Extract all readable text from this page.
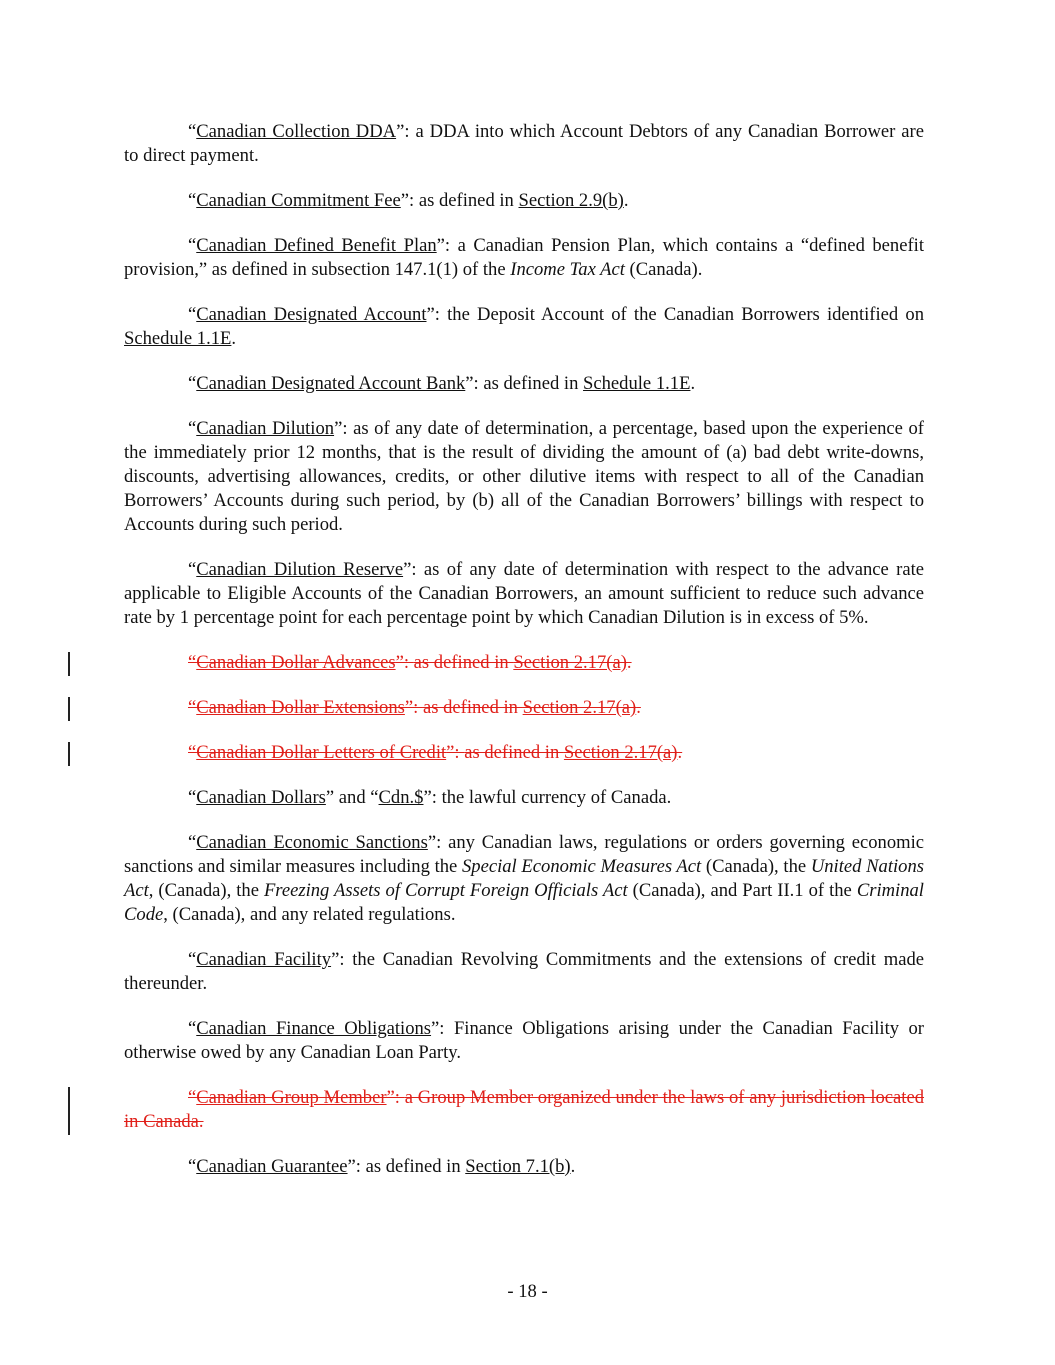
“Canadian Collection DDA”: a DDA into which Account Debtors of any Canadian Borrower are to direct payment.

“Canadian Commitment Fee”: as defined in Section 2.9(b).

“Canadian Defined Benefit Plan”: a Canadian Pension Plan, which contains a “defined benefit provision,” as defined in subsection 147.1(1) of the Income Tax Act (Canada).

“Canadian Designated Account”: the Deposit Account of the Canadian Borrowers identified on Schedule 1.1E.

“Canadian Designated Account Bank”: as defined in Schedule 1.1E.

“Canadian Dilution”: as of any date of determination, a percentage, based upon the experience of the immediately prior 12 months, that is the result of dividing the amount of (a) bad debt write-downs, discounts, advertising allowances, credits, or other dilutive items with respect to all of the Canadian Borrowers’ Accounts during such period, by (b) all of the Canadian Borrowers’ billings with respect to Accounts during such period.

“Canadian Dilution Reserve”: as of any date of determination with respect to the advance rate applicable to Eligible Accounts of the Canadian Borrowers, an amount sufficient to reduce such advance rate by 1 percentage point for each percentage point by which Canadian Dilution is in excess of 5%.

“Canadian Dollar Advances”: as defined in Section 2.17(a).

“Canadian Dollar Extensions”: as defined in Section 2.17(a).

“Canadian Dollar Letters of Credit”: as defined in Section 2.17(a).

“Canadian Dollars” and “Cdn.$”: the lawful currency of Canada.

“Canadian Economic Sanctions”: any Canadian laws, regulations or orders governing economic sanctions and similar measures including the Special Economic Measures Act (Canada), the United Nations Act, (Canada), the Freezing Assets of Corrupt Foreign Officials Act (Canada), and Part II.1 of the Criminal Code, (Canada), and any related regulations.

“Canadian Facility”: the Canadian Revolving Commitments and the extensions of credit made thereunder.

“Canadian Finance Obligations”: Finance Obligations arising under the Canadian Facility or otherwise owed by any Canadian Loan Party.

“Canadian Group Member”: a Group Member organized under the laws of any jurisdiction located in Canada.

“Canadian Guarantee”: as defined in Section 7.1(b).

- 18 -
